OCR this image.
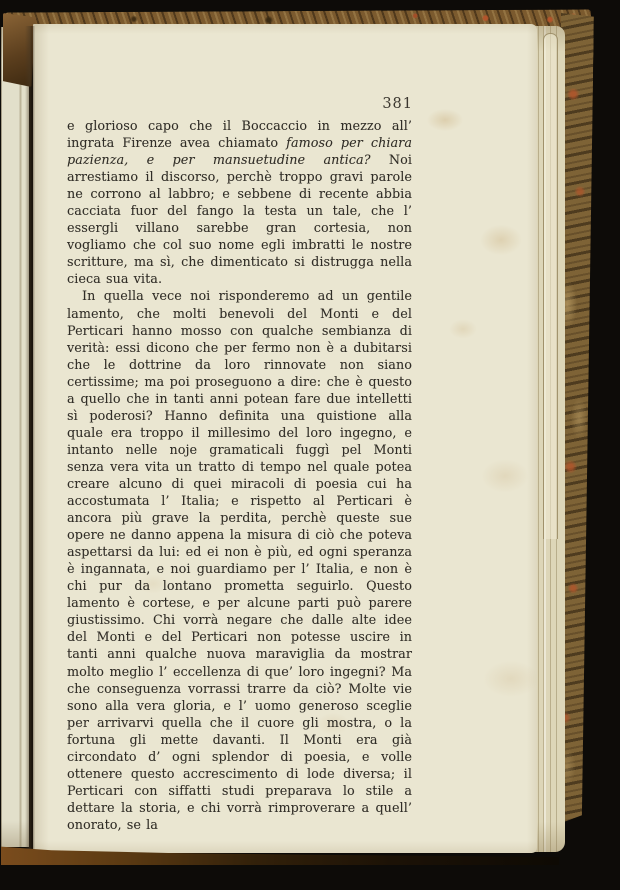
381

e glorioso capo che il Boccaccio in mezzo all’ ingrata Firenze avea chiamato famoso per chiara pazienza, e per mansuetudine antica? Noi arrestiamo il discorso, perchè troppo gravi parole ne corrono al labbro; e sebbene di recente abbia cacciata fuor del fango la testa un tale, che l’ essergli villano sarebbe gran cortesia, non vogliamo che col suo nome egli imbratti le nostre scritture, ma sì, che dimenticato si distrugga nella cieca sua vita.

In quella vece noi risponderemo ad un gentile lamento, che molti benevoli del Monti e del Perticari hanno mosso con qualche sembianza di verità: essi dicono che per fermo non è a dubitarsi che le dottrine da loro rinnovate non siano certissime; ma poi proseguono a dire: che è questo a quello che in tanti anni potean fare due intelletti sì poderosi? Hanno definita una quistione alla quale era troppo il millesimo del loro ingegno, e intanto nelle noje gramaticali fuggì pel Monti senza vera vita un tratto di tempo nel quale potea creare alcuno di quei miracoli di poesia cui ha accostumata l’ Italia; e rispetto al Perticari è ancora più grave la perdita, perchè queste sue opere ne danno appena la misura di ciò che poteva aspettarsi da lui: ed ei non è più, ed ogni speranza è ingannata, e noi guardiamo per l’ Italia, e non è chi pur da lontano prometta seguirlo. Questo lamento è cortese, e per alcune parti può parere giustissimo. Chi vorrà negare che dalle alte idee del Monti e del Perticari non potesse uscire in tanti anni qualche nuova maraviglia da mostrar molto meglio l’ eccellenza di que’ loro ingegni? Ma che conseguenza vorrassi trarre da ciò? Molte vie sono alla vera gloria, e l’ uomo generoso sceglie per arrivarvi quella che il cuore gli mostra, o la fortuna gli mette davanti. Il Monti era già circondato d’ ogni splendor di poesia, e volle ottenere questo accrescimento di lode diversa; il Perticari con siffatti studi preparava lo stile a dettare la storia, e chi vorrà rimproverare a quell’ onorato, se la
